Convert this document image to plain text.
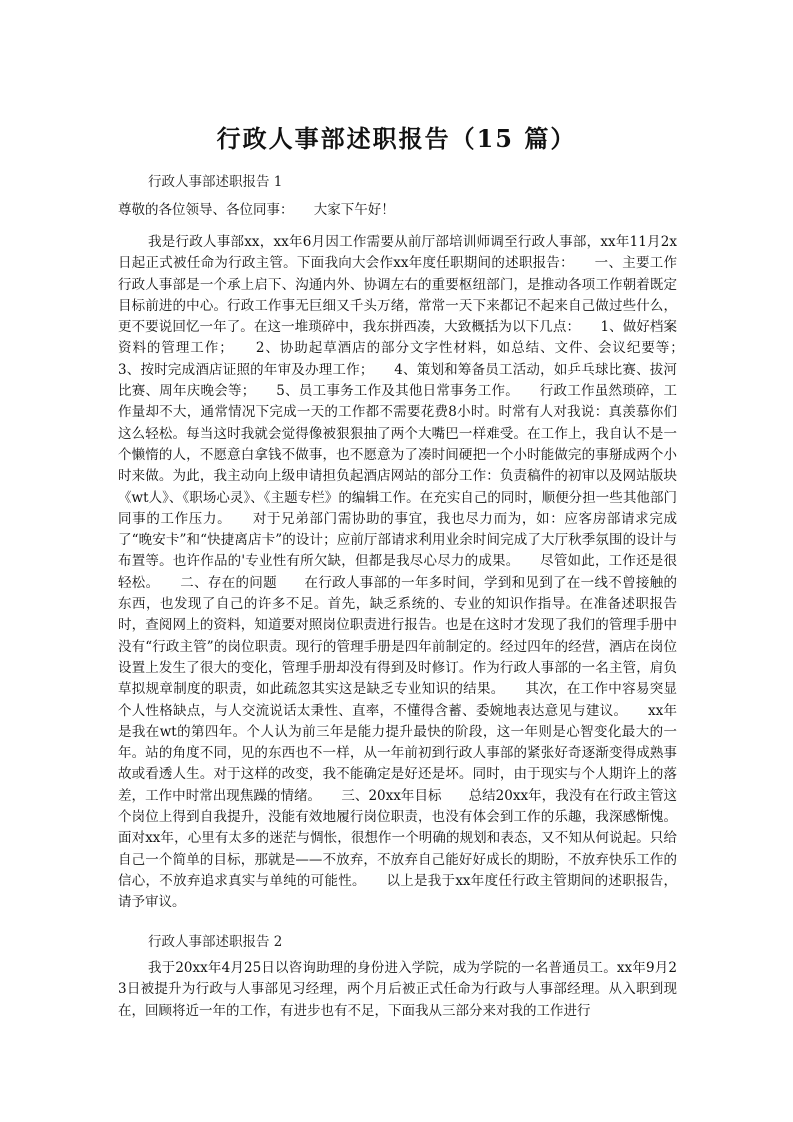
行政人事部述职报告（15 篇）
行政人事部述职报告 1
尊敬的各位领导、各位同事：　　大家下午好！
我是行政人事部xx，xx年6月因工作需要从前厅部培训师调至行政人事部，xx年11月2x日起正式被任命为行政主管。下面我向大会作xx年度任职期间的述职报告：　　一、主要工作　　行政人事部是一个承上启下、沟通内外、协调左右的重要枢纽部门，是推动各项工作朝着既定目标前进的中心。行政工作事无巨细又千头万绪，常常一天下来都记不起来自己做过些什么，更不要说回忆一年了。在这一堆琐碎中，我东拼西凑，大致概括为以下几点：　　1、做好档案资料的管理工作；　　2、协助起草酒店的部分文字性材料，如总结、文件、会议纪要等；　　3、按时完成酒店证照的年审及办理工作；　　4、策划和筹备员工活动，如乒乓球比赛、拔河比赛、周年庆晚会等；　　5、员工事务工作及其他日常事务工作。　　行政工作虽然琐碎，工作量却不大，通常情况下完成一天的工作都不需要花费8小时。时常有人对我说：真羡慕你们这么轻松。每当这时我就会觉得像被狠狠抽了两个大嘴巴一样难受。在工作上，我自认不是一个懒惰的人，不愿意白拿钱不做事，也不愿意为了凑时间硬把一个小时能做完的事掰成两个小时来做。为此，我主动向上级申请担负起酒店网站的部分工作：负责稿件的初审以及网站版块《wt人》、《职场心灵》、《主题专栏》的编辑工作。在充实自己的同时，顺便分担一些其他部门同事的工作压力。　　对于兄弟部门需协助的事宜，我也尽力而为，如：应客房部请求完成了“晚安卡”和“快捷离店卡”的设计；应前厅部请求利用业余时间完成了大厅秋季氛围的设计与布置等。也许作品的'专业性有所欠缺，但都是我尽心尽力的成果。　　尽管如此，工作还是很轻松。　　二、存在的问题　　在行政人事部的一年多时间，学到和见到了在一线不曾接触的东西，也发现了自己的许多不足。首先，缺乏系统的、专业的知识作指导。在准备述职报告时，查阅网上的资料，知道要对照岗位职责进行报告。也是在这时才发现了我们的管理手册中没有“行政主管”的岗位职责。现行的管理手册是四年前制定的。经过四年的经营，酒店在岗位设置上发生了很大的变化，管理手册却没有得到及时修订。作为行政人事部的一名主管，肩负草拟规章制度的职责，如此疏忽其实这是缺乏专业知识的结果。　　其次，在工作中容易突显个人性格缺点，与人交流说话太秉性、直率，不懂得含蓄、委婉地表达意见与建议。　　xx年是我在wt的第四年。个人认为前三年是能力提升最快的阶段，这一年则是心智变化最大的一年。站的角度不同，见的东西也不一样，从一年前初到行政人事部的紧张好奇逐渐变得成熟事故或看透人生。对于这样的改变，我不能确定是好还是坏。同时，由于现实与个人期许上的落差，工作中时常出现焦躁的情绪。　　三、20xx年目标　　总结20xx年，我没有在行政主管这个岗位上得到自我提升，没能有效地履行岗位职责，也没有体会到工作的乐趣，我深感惭愧。面对xx年，心里有太多的迷茫与惆怅，很想作一个明确的规划和表态，又不知从何说起。只给自己一个简单的目标，那就是——不放弃，不放弃自己能好好成长的期盼，不放弃快乐工作的信心，不放弃追求真实与单纯的可能性。　　以上是我于xx年度任行政主管期间的述职报告，请予审议。
行政人事部述职报告 2
我于20xx年4月25日以咨询助理的身份进入学院，成为学院的一名普通员工。xx年9月23日被提升为行政与人事部见习经理，两个月后被正式任命为行政与人事部经理。从入职到现在，回顾将近一年的工作，有进步也有不足，下面我从三部分来对我的工作进行
